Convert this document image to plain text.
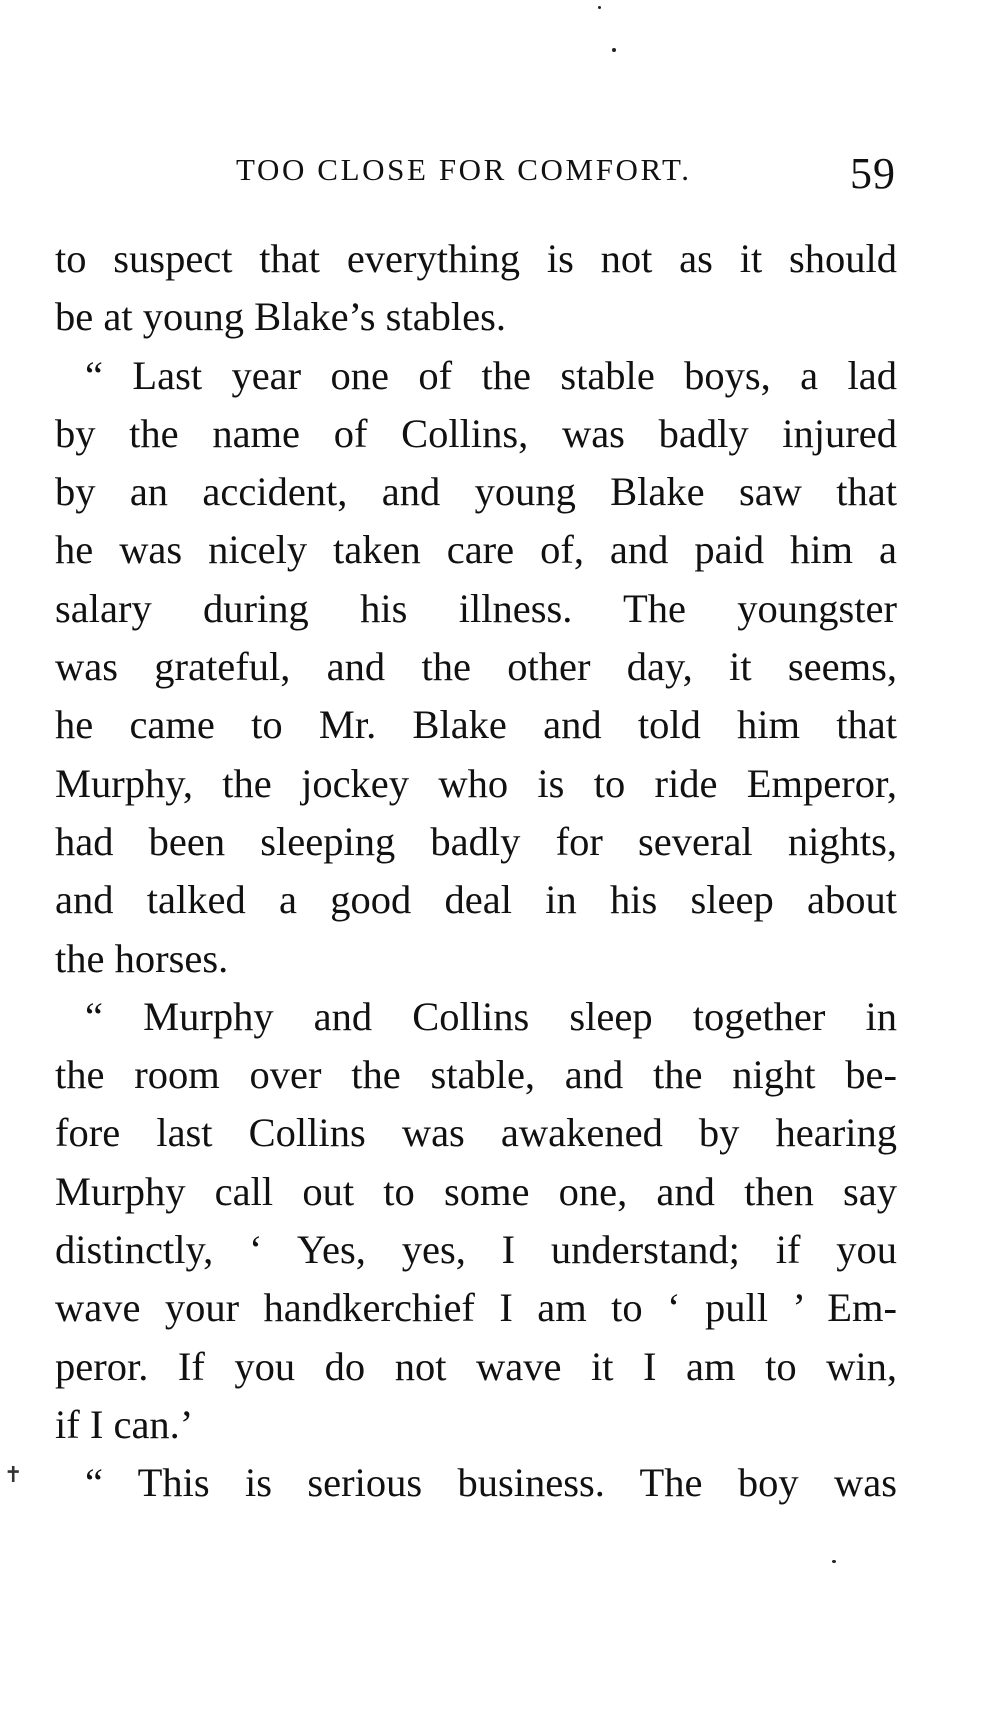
TOO CLOSE FOR COMFORT.	59
✝
to suspect that everything is not as it should
be at young Blake’s stables.
“ Last year one of the stable boys, a lad
by the name of Collins, was badly injured
by an accident, and young Blake saw that
he was nicely taken care of, and paid him a
salary during his illness. The youngster
was grateful, and the other day, it seems,
he came to Mr. Blake and told him that
Murphy, the jockey who is to ride Emperor,
had been sleeping badly for several nights,
and talked a good deal in his sleep about
the horses.
“ Murphy and Collins sleep together in
the room over the stable, and the night be-
fore last Collins was awakened by hearing
Murphy call out to some one, and then say
distinctly, ‘ Yes, yes, I understand; if you
wave your handkerchief I am to ‘ pull ’ Em-
peror. If you do not wave it I am to win,
if I can.’
“ This is serious business. The boy was
